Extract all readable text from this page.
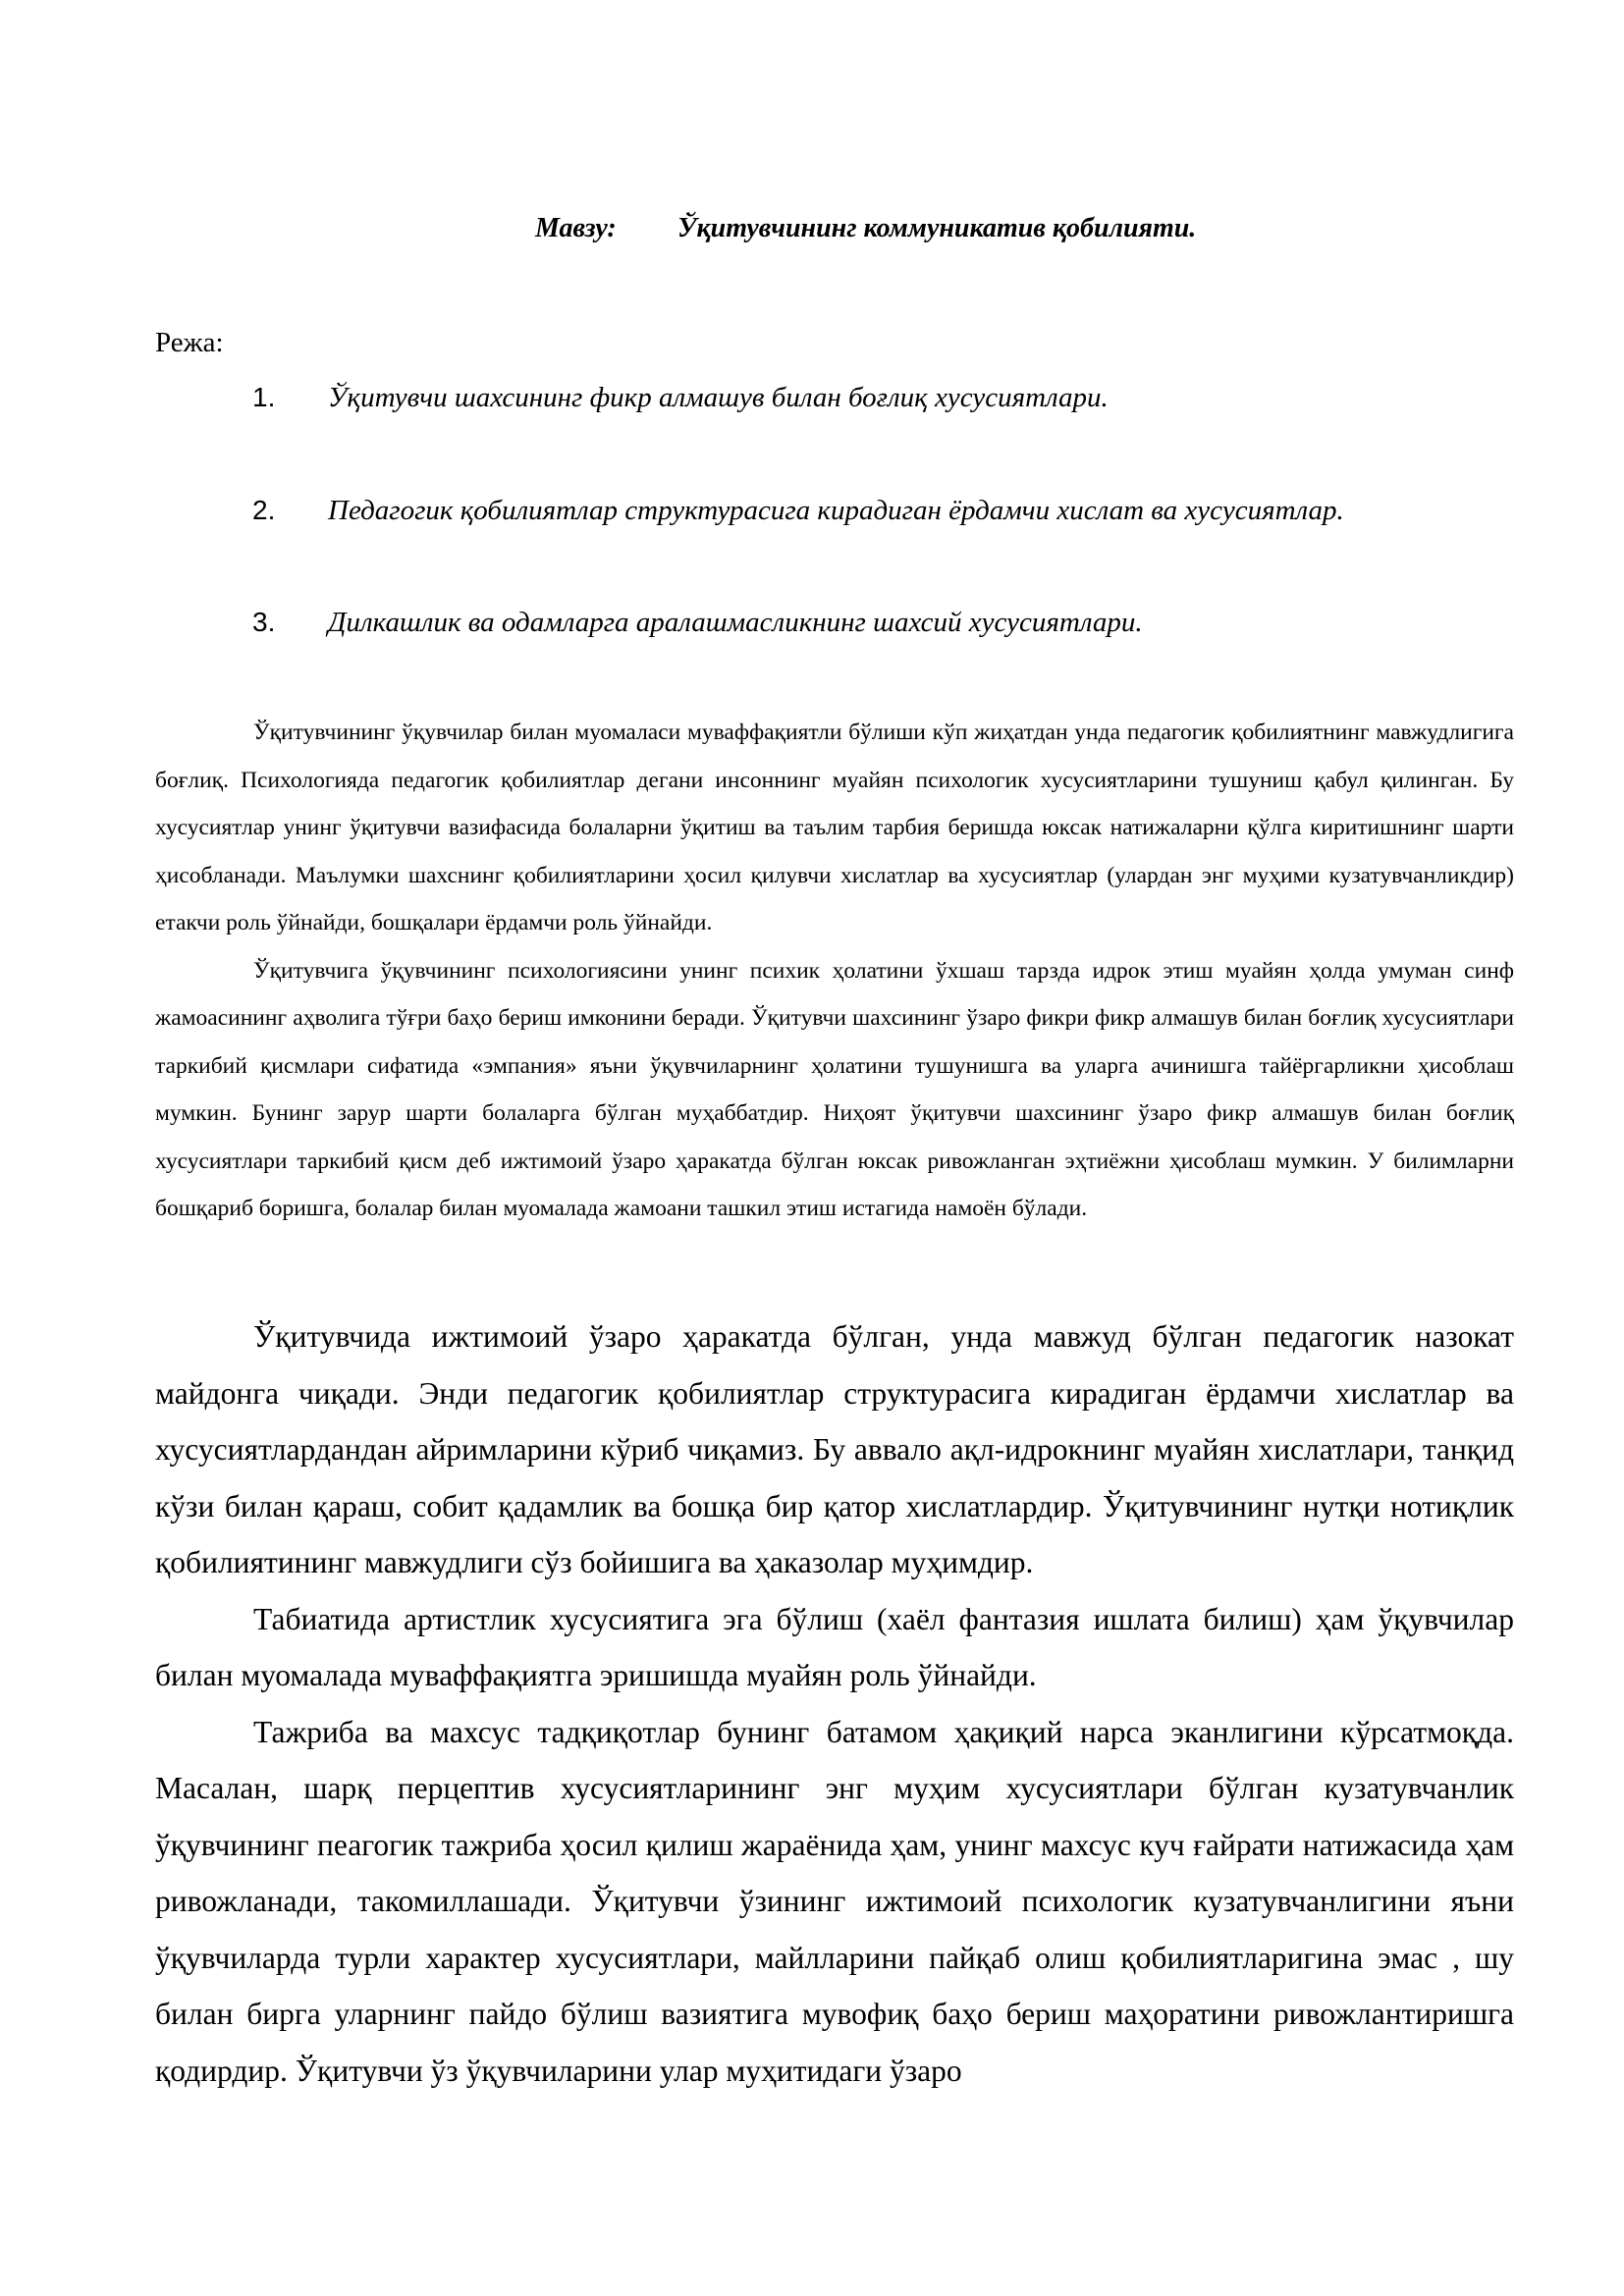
Мавзу: Ўқитувчининг коммуникатив қобилияти.
Режа:
1. Ўқитувчи шахсининг фикр алмашув билан боғлиқ хусусиятлари.
2. Педагогик қобилиятлар структурасига кирадиган ёрдамчи хислат ва хусусиятлар.
3. Дилкашлик ва одамларга аралашмасликнинг шахсий хусусиятлари.

Ўқитувчининг ўқувчилар билан муомаласи муваффақиятли бўлиши кўп жиҳатдан унда педагогик қобилиятнинг мавжудлигига боғлиқ. Психологияда педагогик қобилиятлар дегани инсоннинг муайян психологик хусусиятларини тушуниш қабул қилинган. Бу хусусиятлар унинг ўқитувчи вазифасида болаларни ўқитиш ва таълим тарбия беришда юксак натижаларни қўлга киритишнинг шарти ҳисобланади. Маълумки шахснинг қобилиятларини ҳосил қилувчи хислатлар ва хусусиятлар (улардан энг муҳими кузатувчанликдир) етакчи роль ўйнайди, бошқалари ёрдамчи роль ўйнайди.

Ўқитувчига ўқувчининг психологиясини унинг психик ҳолатини ўхшаш тарзда идрок этиш муайян ҳолда умуман синф жамоасининг аҳволига тўғри баҳо бериш имконини беради. Ўқитувчи шахсининг ўзаро фикри фикр алмашув билан боғлиқ хусусиятлари таркибий қисмлари сифатида «эмпания» яъни ўқувчиларнинг ҳолатини тушунишга ва уларга ачинишга тайёргарликни ҳисоблаш мумкин. Бунинг зарур шарти болаларга бўлган муҳаббатдир. Ниҳоят ўқитувчи шахсининг ўзаро фикр алмашув билан боғлиқ хусусиятлари таркибий қисм деб ижтимоий ўзаро ҳаракатда бўлган юксак ривожланган эҳтиёжни ҳисоблаш мумкин. У билимларни бошқариб боришга, болалар билан муомалада жамоани ташкил этиш истагида намоён бўлади.

Ўқитувчида ижтимоий ўзаро ҳаракатда бўлган, унда мавжуд бўлган педагогик назокат майдонга чиқади. Энди педагогик қобилиятлар структурасига кирадиган ёрдамчи хислатлар ва хусусиятлардандан айримларини кўриб чиқамиз. Бу аввало ақл-идрокнинг муайян хислатлари, танқид кўзи билан қараш, собит қадамлик ва бошқа бир қатор хислатлардир. Ўқитувчининг нутқи нотиқлик қобилиятининг мавжудлиги сўз бойишига ва ҳаказолар муҳимдир.

Табиатида артистлик хусусиятига эга бўлиш (хаёл фантазия ишлата билиш) ҳам ўқувчилар билан муомалада муваффақиятга эришишда муайян роль ўйнайди.

Тажриба ва махсус тадқиқотлар бунинг батамом ҳақиқий нарса эканлигини кўрсатмоқда. Масалан, шарқ перцептив хусусиятларининг энг муҳим хусусиятлари бўлган кузатувчанлик ўқувчининг пеагогик тажриба ҳосил қилиш жараёнида ҳам, унинг махсус куч ғайрати натижасида ҳам ривожланади, такомиллашади. Ўқитувчи ўзининг ижтимоий психологик кузатувчанлигини яъни ўқувчиларда турли характер хусусиятлари, майлларини пайқаб олиш қобилиятларигина эмас , шу билан бирга уларнинг пайдо бўлиш вазиятига мувофиқ баҳо бериш маҳоратини ривожлантиришга қодирдир. Ўқитувчи ўз ўқувчиларини улар муҳитидаги ўзаро
